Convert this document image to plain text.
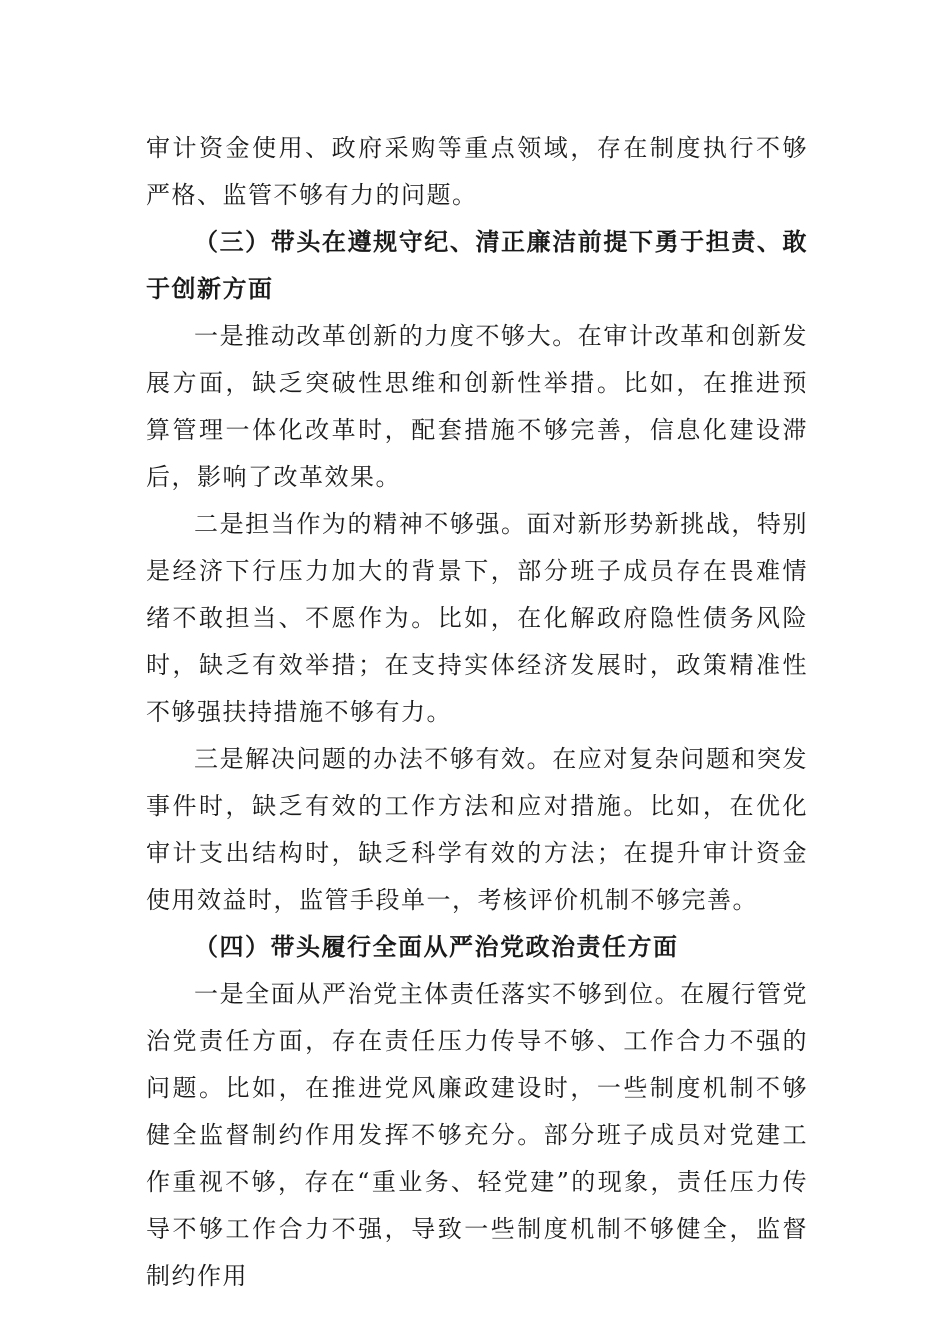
审计资金使用、政府采购等重点领域，存在制度执行不够严格、监管不够有力的问题。

（三）带头在遵规守纪、清正廉洁前提下勇于担责、敢于创新方面

一是推动改革创新的力度不够大。在审计改革和创新发展方面，缺乏突破性思维和创新性举措。比如，在推进预算管理一体化改革时，配套措施不够完善，信息化建设滞后，影响了改革效果。

二是担当作为的精神不够强。面对新形势新挑战，特别是经济下行压力加大的背景下，部分班子成员存在畏难情绪不敢担当、不愿作为。比如，在化解政府隐性债务风险时，缺乏有效举措；在支持实体经济发展时，政策精准性不够强扶持措施不够有力。

三是解决问题的办法不够有效。在应对复杂问题和突发事件时，缺乏有效的工作方法和应对措施。比如，在优化审计支出结构时，缺乏科学有效的方法；在提升审计资金使用效益时，监管手段单一，考核评价机制不够完善。

（四）带头履行全面从严治党政治责任方面

一是全面从严治党主体责任落实不够到位。在履行管党治党责任方面，存在责任压力传导不够、工作合力不强的问题。比如，在推进党风廉政建设时，一些制度机制不够健全监督制约作用发挥不够充分。部分班子成员对党建工作重视不够，存在“重业务、轻党建”的现象，责任压力传导不够工作合力不强，导致一些制度机制不够健全，监督制约作用
